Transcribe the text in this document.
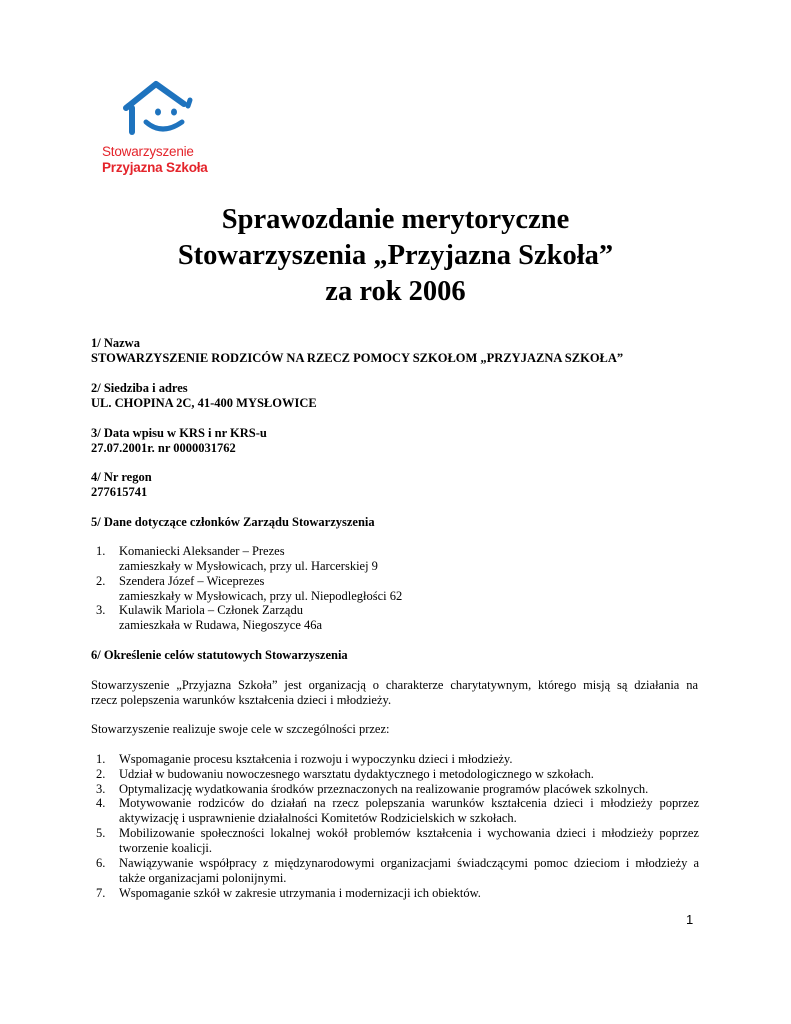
Stowarzyszenie
Przyjazna Szkoła
Sprawozdanie merytoryczne
Stowarzyszenia „Przyjazna Szkoła”
za rok 2006
1/ Nazwa
STOWARZYSZENIE RODZICÓW NA RZECZ POMOCY SZKOŁOM „PRZYJAZNA SZKOŁA”
2/ Siedziba i adres
UL. CHOPINA 2C, 41-400 MYSŁOWICE
3/ Data wpisu w KRS i nr KRS-u
27.07.2001r. nr 0000031762
4/ Nr regon
277615741
5/ Dane dotyczące członków Zarządu Stowarzyszenia
1. Komaniecki Aleksander – Prezes
zamieszkały w Mysłowicach, przy ul. Harcerskiej 9
2. Szendera Józef – Wiceprezes
zamieszkały w Mysłowicach, przy ul. Niepodległości 62
3. Kulawik Mariola – Członek Zarządu
zamieszkała w Rudawa, Niegoszyce 46a
6/ Określenie celów statutowych Stowarzyszenia
Stowarzyszenie „Przyjazna Szkoła” jest organizacją o charakterze charytatywnym, którego misją są działania na
rzecz polepszenia warunków kształcenia dzieci i młodzieży.
Stowarzyszenie realizuje swoje cele w szczególności przez:
1. Wspomaganie procesu kształcenia i rozwoju i wypoczynku dzieci i młodzieży.
2. Udział w budowaniu nowoczesnego warsztatu dydaktycznego i metodologicznego w szkołach.
3. Optymalizację wydatkowania środków przeznaczonych na realizowanie programów placówek szkolnych.
4. Motywowanie rodziców do działań na rzecz polepszania warunków kształcenia dzieci i młodzieży poprzez aktywizację i usprawnienie działalności Komitetów Rodzicielskich w szkołach.
5. Mobilizowanie społeczności lokalnej wokół problemów kształcenia i wychowania dzieci i młodzieży poprzez tworzenie koalicji.
6. Nawiązywanie współpracy z międzynarodowymi organizacjami świadczącymi pomoc dzieciom i młodzieży a także organizacjami polonijnymi.
7. Wspomaganie szkół w zakresie utrzymania i modernizacji ich obiektów.
1
